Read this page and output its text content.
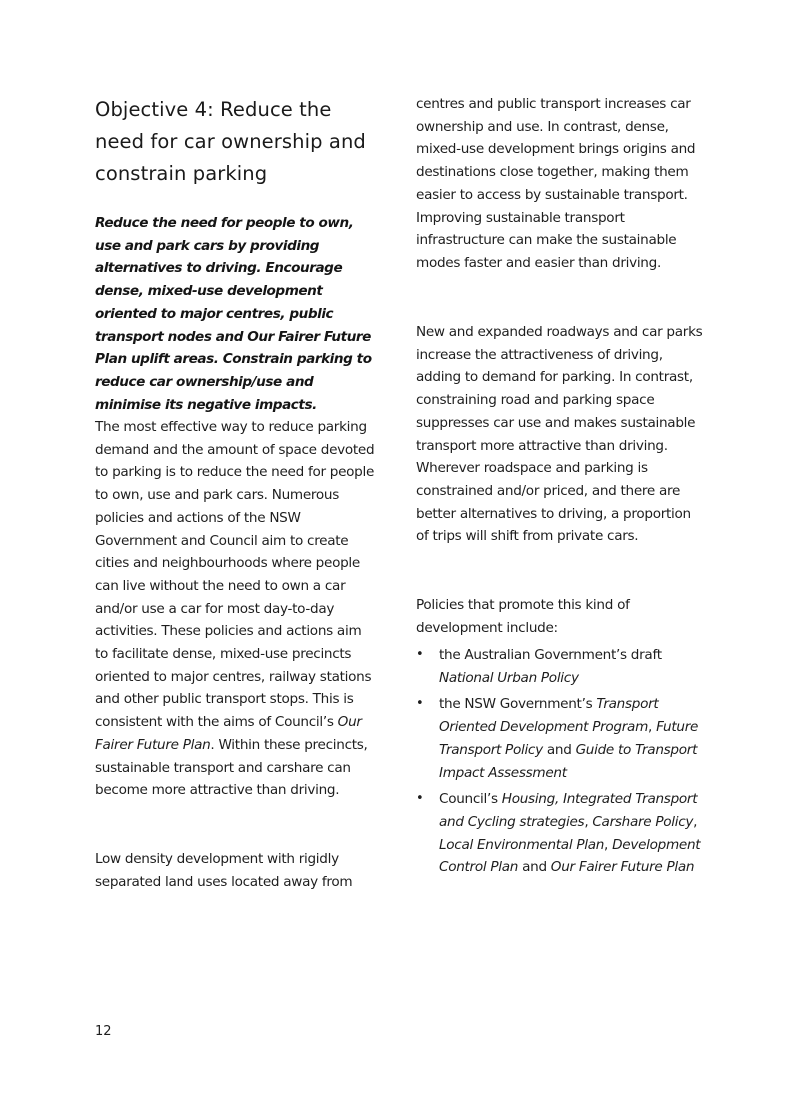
Objective 4: Reduce the need for car ownership and constrain parking

Reduce the need for people to own, use and park cars by providing alternatives to driving. Encourage dense, mixed-use development oriented to major centres, public transport nodes and Our Fairer Future Plan uplift areas. Constrain parking to reduce car ownership/use and minimise its negative impacts.

The most effective way to reduce parking demand and the amount of space devoted to parking is to reduce the need for people to own, use and park cars. Numerous policies and actions of the NSW Government and Council aim to create cities and neighbourhoods where people can live without the need to own a car and/or use a car for most day-to-day activities. These policies and actions aim to facilitate dense, mixed-use precincts oriented to major centres, railway stations and other public transport stops. This is consistent with the aims of Council’s Our Fairer Future Plan. Within these precincts, sustainable transport and carshare can become more attractive than driving.

Low density development with rigidly separated land uses located away from

centres and public transport increases car ownership and use. In contrast, dense, mixed-use development brings origins and destinations close together, making them easier to access by sustainable transport. Improving sustainable transport infrastructure can make the sustainable modes faster and easier than driving.

New and expanded roadways and car parks increase the attractiveness of driving, adding to demand for parking. In contrast, constraining road and parking space suppresses car use and makes sustainable transport more attractive than driving. Wherever roadspace and parking is constrained and/or priced, and there are better alternatives to driving, a proportion of trips will shift from private cars.

Policies that promote this kind of development include:

• the Australian Government’s draft National Urban Policy
• the NSW Government’s Transport Oriented Development Program, Future Transport Policy and Guide to Transport Impact Assessment
• Council’s Housing, Integrated Transport and Cycling strategies, Carshare Policy, Local Environmental Plan, Development Control Plan and Our Fairer Future Plan
12
